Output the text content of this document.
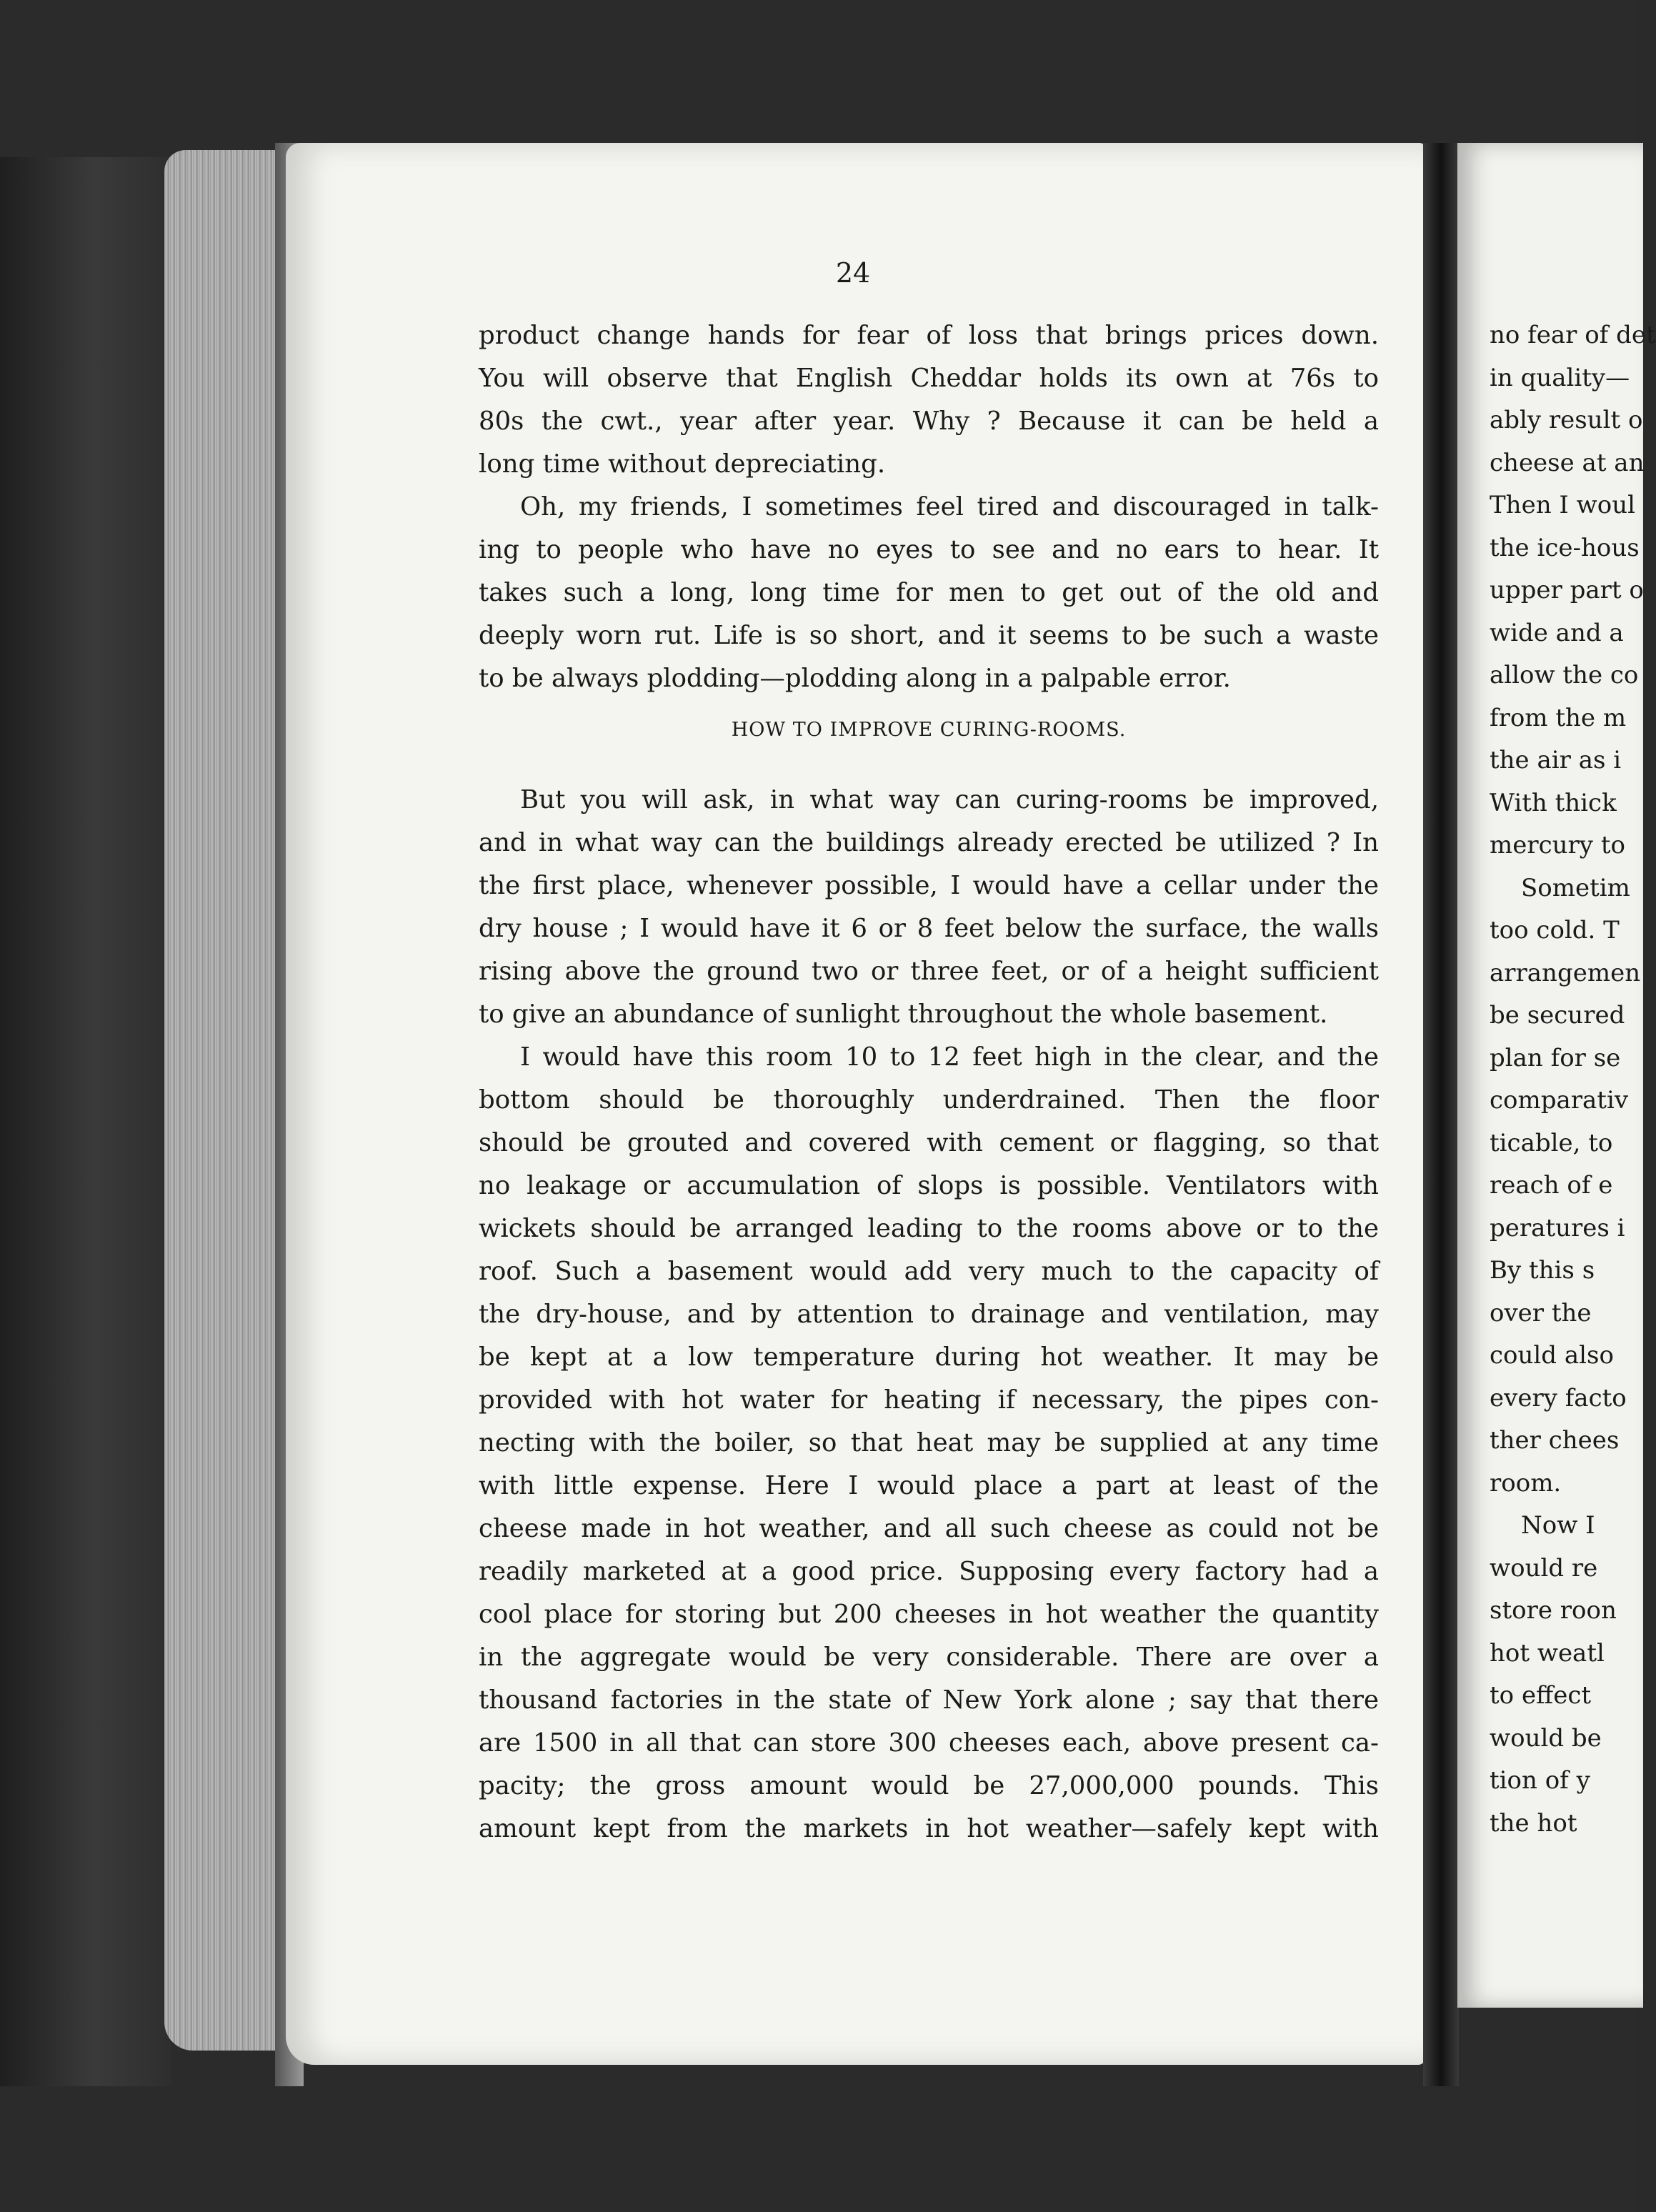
24
product change hands for fear of loss that brings prices down.
You will observe that English Cheddar holds its own at 76s to
80s the cwt., year after year. Why ? Because it can be held a
long time without depreciating.
Oh, my friends, I sometimes feel tired and discouraged in talk-
ing to people who have no eyes to see and no ears to hear. It
takes such a long, long time for men to get out of the old and
deeply worn rut. Life is so short, and it seems to be such a waste
to be always plodding—plodding along in a palpable error.
HOW TO IMPROVE CURING-ROOMS.
But you will ask, in what way can curing-rooms be improved,
and in what way can the buildings already erected be utilized ? In
the first place, whenever possible, I would have a cellar under the
dry house ; I would have it 6 or 8 feet below the surface, the walls
rising above the ground two or three feet, or of a height sufficient
to give an abundance of sunlight throughout the whole basement.
I would have this room 10 to 12 feet high in the clear, and the
bottom should be thoroughly underdrained. Then the floor
should be grouted and covered with cement or flagging, so that
no leakage or accumulation of slops is possible. Ventilators with
wickets should be arranged leading to the rooms above or to the
roof. Such a basement would add very much to the capacity of
the dry-house, and by attention to drainage and ventilation, may
be kept at a low temperature during hot weather. It may be
provided with hot water for heating if necessary, the pipes con-
necting with the boiler, so that heat may be supplied at any time
with little expense. Here I would place a part at least of the
cheese made in hot weather, and all such cheese as could not be
readily marketed at a good price. Supposing every factory had a
cool place for storing but 200 cheeses in hot weather the quantity
in the aggregate would be very considerable. There are over a
thousand factories in the state of New York alone ; say that there
are 1500 in all that can store 300 cheeses each, above present ca-
pacity; the gross amount would be 27,000,000 pounds. This
amount kept from the markets in hot weather—safely kept with
no fear of det
in quality—
ably result o
cheese at an
Then I woul
the ice-hous
upper part o
wide and a
allow the co
from the m
the air as i
With thick
mercury to
Sometim
too cold. T
arrangemen
be secured
plan for se
comparativ
ticable, to
reach of e
peratures i
By this s
over the
could also
every facto
ther chees
room.
Now I
would re
store roon
hot weatl
to effect
would be
tion of y
the hot
